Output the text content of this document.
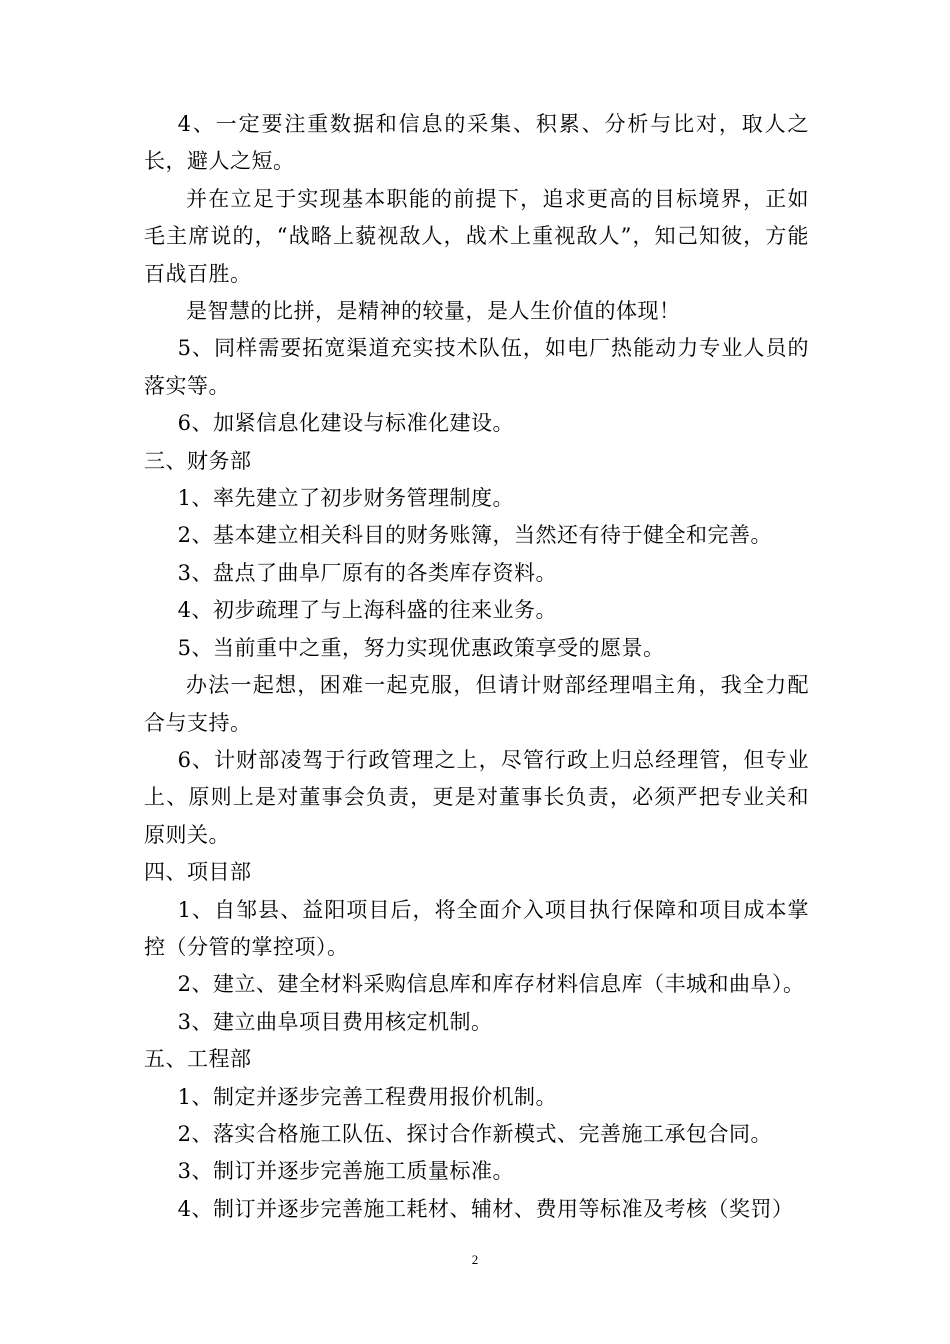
4、一定要注重数据和信息的采集、积累、分析与比对，取人之长，避人之短。

并在立足于实现基本职能的前提下，追求更高的目标境界，正如毛主席说的，“战略上藐视敌人，战术上重视敌人”，知己知彼，方能百战百胜。

是智慧的比拼，是精神的较量，是人生价值的体现！

5、同样需要拓宽渠道充实技术队伍，如电厂热能动力专业人员的落实等。

6、加紧信息化建设与标准化建设。

三、财务部

1、率先建立了初步财务管理制度。

2、基本建立相关科目的财务账簿，当然还有待于健全和完善。

3、盘点了曲阜厂原有的各类库存资料。

4、初步疏理了与上海科盛的往来业务。

5、当前重中之重，努力实现优惠政策享受的愿景。

办法一起想，困难一起克服，但请计财部经理唱主角，我全力配合与支持。

6、计财部凌驾于行政管理之上，尽管行政上归总经理管，但专业上、原则上是对董事会负责，更是对董事长负责，必须严把专业关和原则关。

四、项目部

1、自邹县、益阳项目后，将全面介入项目执行保障和项目成本掌控（分管的掌控项）。

2、建立、建全材料采购信息库和库存材料信息库（丰城和曲阜）。

3、建立曲阜项目费用核定机制。

五、工程部

1、制定并逐步完善工程费用报价机制。

2、落实合格施工队伍、探讨合作新模式、完善施工承包合同。

3、制订并逐步完善施工质量标准。

4、制订并逐步完善施工耗材、辅材、费用等标准及考核（奖罚）

2
